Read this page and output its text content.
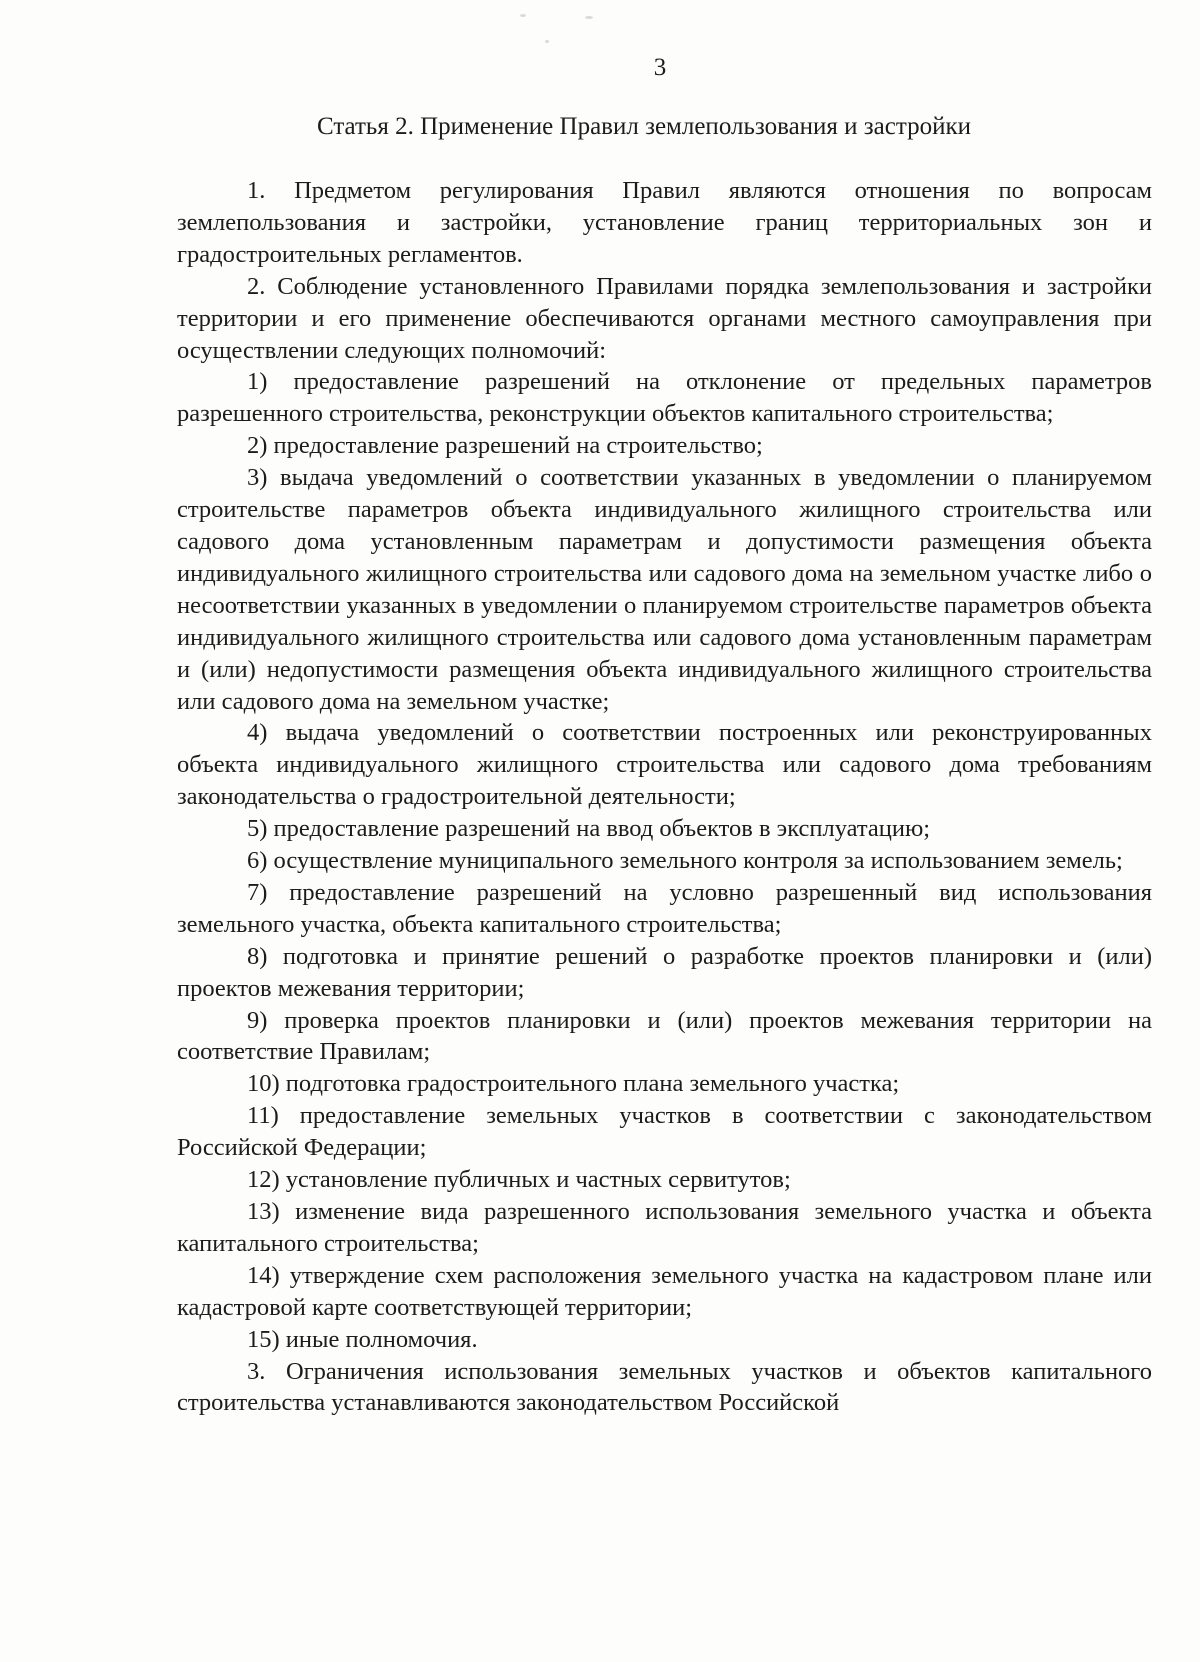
3
Статья 2. Применение Правил землепользования и застройки

1. Предметом регулирования Правил являются отношения по вопросам землепользования и застройки, установление границ территориальных зон и градостроительных регламентов.

2. Соблюдение установленного Правилами порядка землепользования и застройки территории и его применение обеспечиваются органами местного самоуправления при осуществлении следующих полномочий:

1) предоставление разрешений на отклонение от предельных параметров разрешенного строительства, реконструкции объектов капитального строительства;

2) предоставление разрешений на строительство;

3) выдача уведомлений о соответствии указанных в уведомлении о планируемом строительстве параметров объекта индивидуального жилищного строительства или садового дома установленным параметрам и допустимости размещения объекта индивидуального жилищного строительства или садового дома на земельном участке либо о несоответствии указанных в уведомлении о планируемом строительстве параметров объекта индивидуального жилищного строительства или садового дома установленным параметрам и (или) недопустимости размещения объекта индивидуального жилищного строительства или садового дома на земельном участке;

4) выдача уведомлений о соответствии построенных или реконструированных объекта индивидуального жилищного строительства или садового дома требованиям законодательства о градостроительной деятельности;

5) предоставление разрешений на ввод объектов в эксплуатацию;

6) осуществление муниципального земельного контроля за использованием земель;

7) предоставление разрешений на условно разрешенный вид использования земельного участка, объекта капитального строительства;

8) подготовка и принятие решений о разработке проектов планировки и (или) проектов межевания территории;

9) проверка проектов планировки и (или) проектов межевания территории на соответствие Правилам;

10) подготовка градостроительного плана земельного участка;

11) предоставление земельных участков в соответствии с законодательством Российской Федерации;

12) установление публичных и частных сервитутов;

13) изменение вида разрешенного использования земельного участка и объекта капитального строительства;

14) утверждение схем расположения земельного участка на кадастровом плане или кадастровой карте соответствующей территории;

15) иные полномочия.

3. Ограничения использования земельных участков и объектов капитального строительства устанавливаются законодательством Российской
